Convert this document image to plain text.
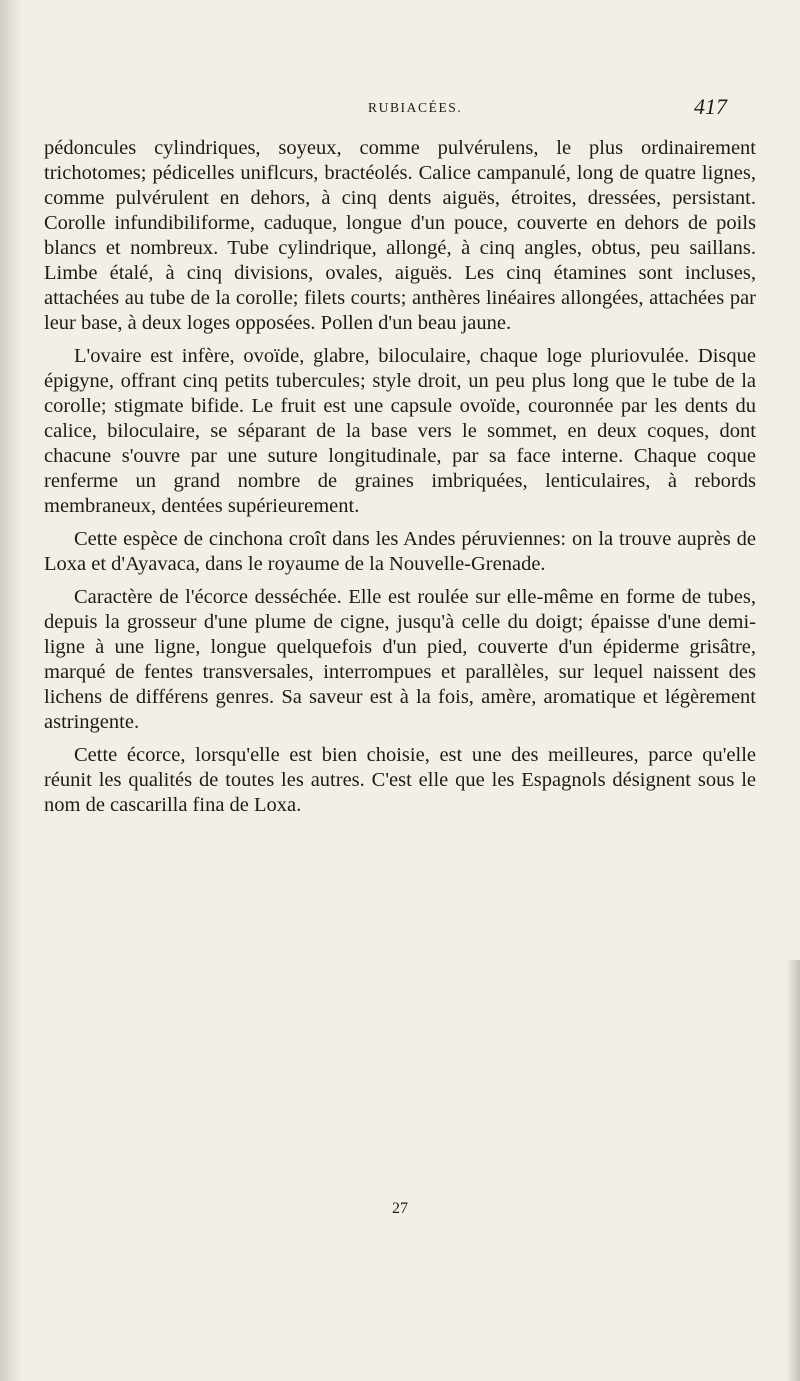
RUBIACÉES.	417

pédoncules cylindriques, soyeux, comme pulvérulens, le plus ordinairement trichotomes; pédicelles uniflcurs, bractéolés. Calice campanulé, long de quatre lignes, comme pulvérulent en dehors, à cinq dents aiguës, étroites, dressées, persistant. Corolle infundibiliforme, caduque, longue d'un pouce, couverte en dehors de poils blancs et nombreux. Tube cylindrique, allongé, à cinq angles, obtus, peu saillans. Limbe étalé, à cinq divisions, ovales, aiguës. Les cinq étamines sont incluses, attachées au tube de la corolle; filets courts; anthères linéaires allongées, attachées par leur base, à deux loges opposées. Pollen d'un beau jaune.

L'ovaire est infère, ovoïde, glabre, biloculaire, chaque loge pluriovulée. Disque épigyne, offrant cinq petits tubercules; style droit, un peu plus long que le tube de la corolle; stigmate bifide. Le fruit est une capsule ovoïde, couronnée par les dents du calice, biloculaire, se séparant de la base vers le sommet, en deux coques, dont chacune s'ouvre par une suture longitudinale, par sa face interne. Chaque coque renferme un grand nombre de graines imbriquées, lenticulaires, à rebords membraneux, dentées supérieurement.

Cette espèce de cinchona croît dans les Andes péruviennes: on la trouve auprès de Loxa et d'Ayavaca, dans le royaume de la Nouvelle-Grenade.

Caractère de l'écorce desséchée. Elle est roulée sur elle-même en forme de tubes, depuis la grosseur d'une plume de cigne, jusqu'à celle du doigt; épaisse d'une demi-ligne à une ligne, longue quelquefois d'un pied, couverte d'un épiderme grisâtre, marqué de fentes transversales, interrompues et parallèles, sur lequel naissent des lichens de différens genres. Sa saveur est à la fois, amère, aromatique et légèrement astringente.

Cette écorce, lorsqu'elle est bien choisie, est une des meilleures, parce qu'elle réunit les qualités de toutes les autres. C'est elle que les Espagnols désignent sous le nom de cascarilla fina de Loxa.

27
